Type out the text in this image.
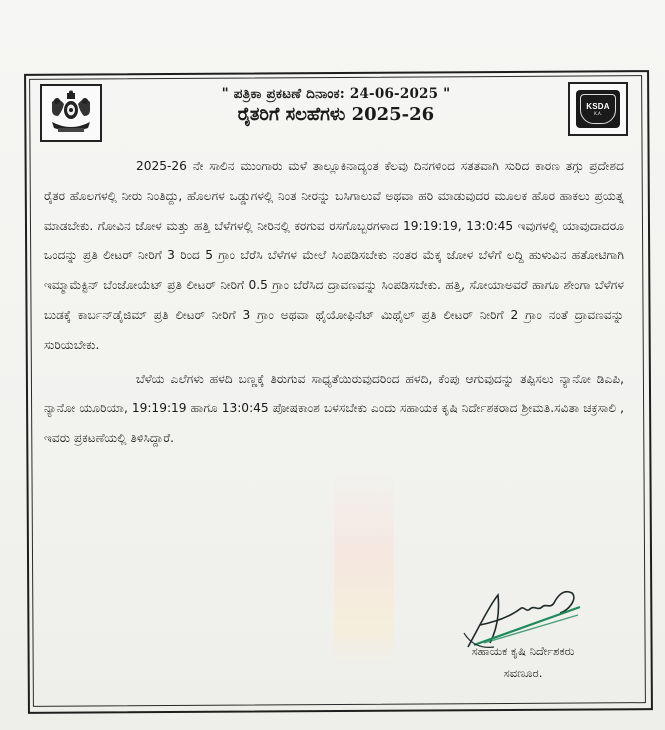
" ಪತ್ರಿಕಾ ಪ್ರಕಟಣೆ ದಿನಾಂಕ: 24-06-2025 "
ರೈತರಿಗೆ ಸಲಹೆಗಳು 2025-26	KSDA
K.A.

2025-26 ನೇ ಸಾಲಿನ ಮುಂಗಾರು ಮಳೆ ತಾಲ್ಲೂಕಿನಾದ್ಯಂತ ಕೆಲವು ದಿನಗಳಿಂದ ಸತತವಾಗಿ ಸುರಿದ ಕಾರಣ ತಗ್ಗು ಪ್ರದೇಶದ ರೈತರ ಹೊಲಗಳಲ್ಲಿ ನೀರು ನಿಂತಿದ್ದು, ಹೊಲಗಳ ಒಡ್ಡುಗಳಲ್ಲಿ ನಿಂತ ನೀರನ್ನು ಬಸಿಗಾಲುವೆ ಅಥವಾ ಹರಿ ಮಾಡುವುದರ ಮೂಲಕ ಹೊರ ಹಾಕಲು ಪ್ರಯತ್ನ ಮಾಡಬೇಕು. ಗೋವಿನ ಜೋಳ ಮತ್ತು ಹತ್ತಿ ಬೆಳೆಗಳಲ್ಲಿ ನೀರಿನಲ್ಲಿ ಕರಗುವ ರಸಗೊಬ್ಬರಗಳಾದ 19:19:19, 13:0:45 ಇವುಗಳಲ್ಲಿ ಯಾವುದಾದರೂ ಒಂದನ್ನು ಪ್ರತಿ ಲೀಟರ್ ನೀರಿಗೆ 3 ರಿಂದ 5 ಗ್ರಾಂ ಬೆರೆಸಿ ಬೆಳೆಗಳ ಮೇಲೆ ಸಿಂಪಡಿಸಬೇಕು ನಂತರ ಮೆಕ್ಕ ಜೋಳ ಬೆಳೆಗೆ ಲದ್ದಿ ಹುಳುವಿನ ಹತೋಟಿಗಾಗಿ ಇಮ್ಮಾಮೆಕ್ಟಿನ್ ಬೆಂಜೋಯೆಟ್ ಪ್ರತಿ ಲೀಟರ್ ನೀರಿಗೆ 0.5 ಗ್ರಾಂ ಬೆರೆಸಿದ ದ್ರಾವಣವನ್ನು ಸಿಂಪಡಿಸಬೇಕು. ಹತ್ತಿ, ಸೋಯಾಅವರೆ ಹಾಗೂ ಶೇಂಗಾ ಬೆಳೆಗಳ ಬುಡಕ್ಕೆ ಕಾರ್ಬನ್‌ಡೈಜಿಮ್ ಪ್ರತಿ ಲೀಟರ್ ನೀರಿಗೆ 3 ಗ್ರಾಂ ಅಥವಾ ಥೈಯೋಫಿನೆಟ್ ಮಿಥೈಲ್ ಪ್ರತಿ ಲೀಟರ್ ನೀರಿಗೆ 2 ಗ್ರಾಂ ನಂತೆ ದ್ರಾವಣವನ್ನು ಸುರಿಯಬೇಕು.

ಬೆಳೆಯ ಎಲೆಗಳು ಹಳದಿ ಬಣ್ಣಕ್ಕೆ ತಿರುಗುವ ಸಾಧ್ಯತೆಯಿರುವುದರಿಂದ ಹಳದಿ, ಕೆಂಪು ಆಗುವುದನ್ನು ತಪ್ಪಿಸಲು ನ್ಯಾನೋ ಡಿಎಪಿ, ನ್ಯಾನೋ ಯೂರಿಯಾ, 19:19:19 ಹಾಗೂ 13:0:45 ಪೋಷಕಾಂಶ ಬಳಸಬೇಕು ಎಂದು ಸಹಾಯಕ ಕೃಷಿ ನಿರ್ದೇಶಕರಾದ ಶ್ರೀಮತಿ.ಸವಿತಾ ಚಕ್ರಸಾಲಿ , ಇವರು ಪ್ರಕಟಣೆಯಲ್ಲಿ ತಿಳಿಸಿದ್ದಾರೆ.

ಸಹಾಯಕ ಕೃಷಿ ನಿರ್ದೇಶಕರು
ಸವಣೂರ.
